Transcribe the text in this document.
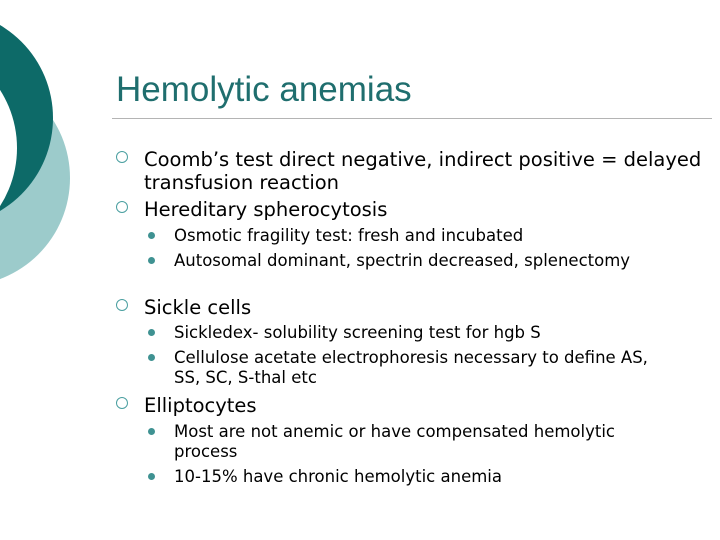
Hemolytic anemias
Coomb’s test direct negative, indirect positive = delayed transfusion reaction
Hereditary spherocytosis
Osmotic fragility test: fresh and incubated
Autosomal dominant, spectrin decreased, splenectomy
Sickle cells
Sickledex- solubility screening test for hgb S
Cellulose acetate electrophoresis necessary to define AS, SS, SC, S-thal etc
Elliptocytes
Most are not anemic or have compensated hemolytic process
10-15% have chronic hemolytic anemia
